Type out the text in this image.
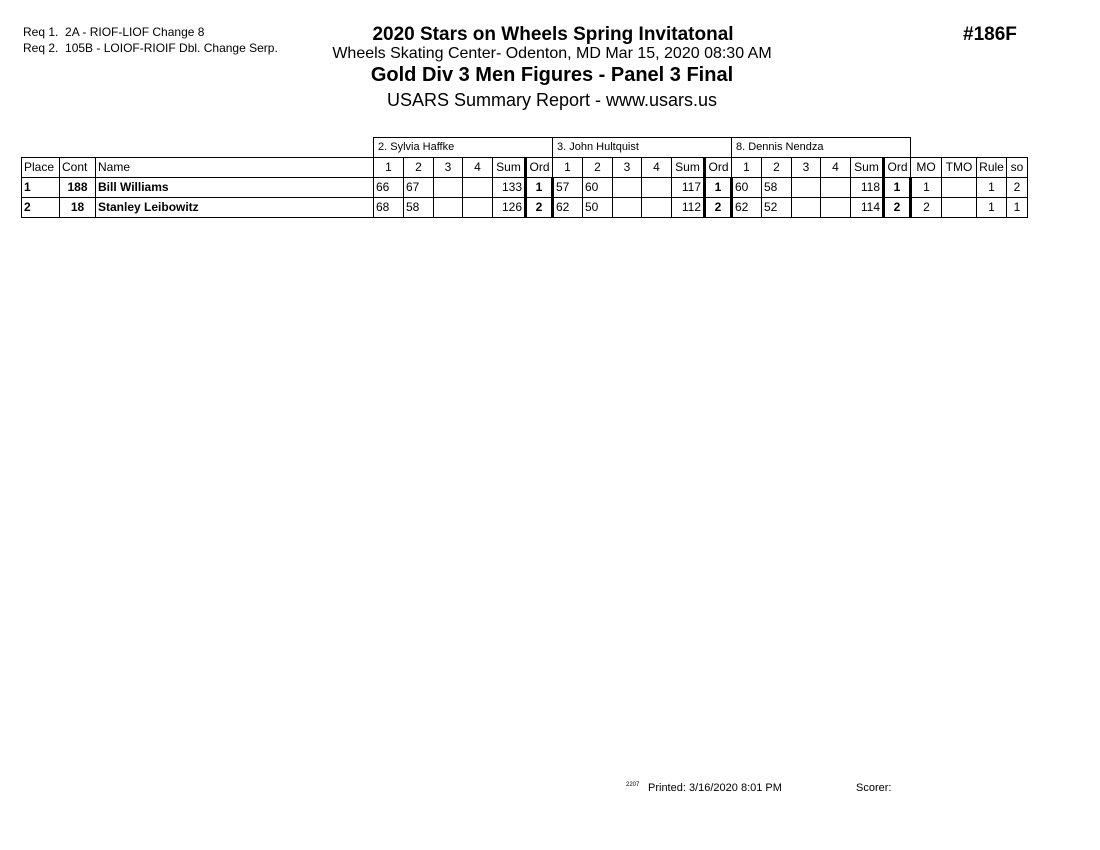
Req 1. 2A - RIOF-LIOF Change 8
Req 2. 105B - LOIOF-RIOIF Dbl. Change Serp.
2020 Stars on Wheels Spring Invitatonal
Wheels Skating Center- Odenton, MD Mar 15, 2020 08:30 AM
Gold Div 3 Men Figures - Panel 3 Final
USARS Summary Report - www.usars.us
#186F
			2. Sylvia Haffke						3. John Hultquist						8. Dennis Nendza									
Place	Cont	Name	1	2	3	4	Sum	Ord	1	2	3	4	Sum	Ord	1	2	3	4	Sum	Ord	MO	TMO	Rule	so
1	188	Bill Williams	66	67			133	1	57	60			117	1	60	58			118	1	1		1	2
2	18	Stanley Leibowitz	68	58			126	2	62	50			112	2	62	52			114	2	2		1	1
2207 Printed: 3/16/2020 8:01 PM	Scorer:
